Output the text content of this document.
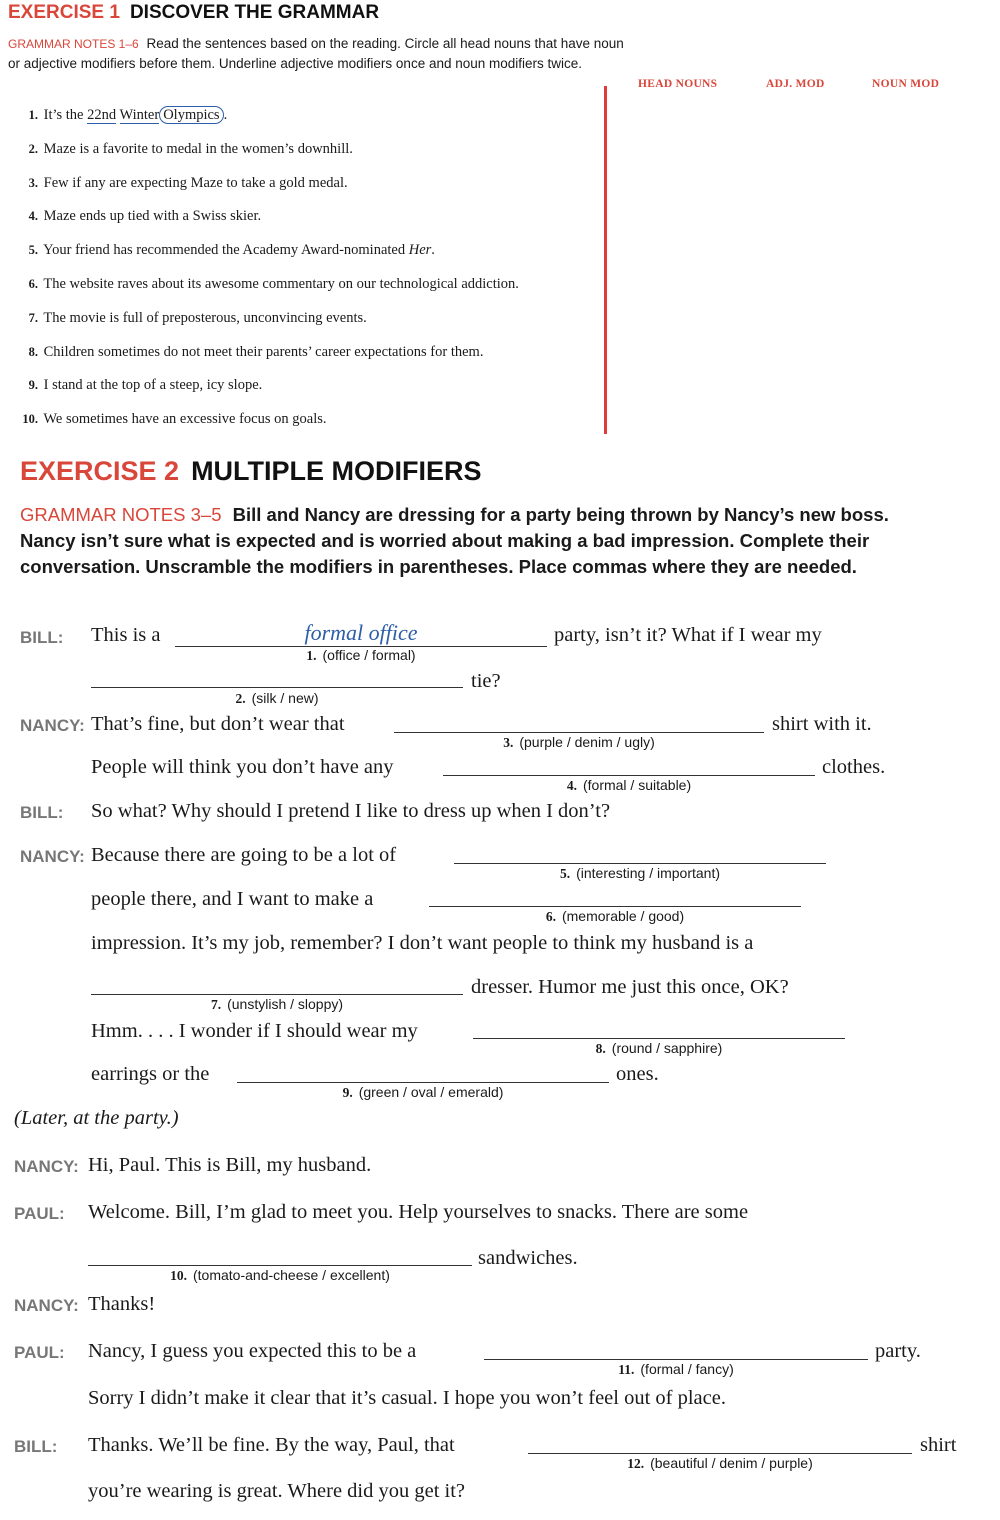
EXERCISE 1 DISCOVER THE GRAMMAR
GRAMMAR NOTES 1–6 Read the sentences based on the reading. Circle all head nouns that have noun or adjective modifiers before them. Underline adjective modifiers once and noun modifiers twice.
HEAD NOUNS	ADJ. MOD	NOUN MOD
1. It’s the 22nd Winter Olympics .
2. Maze is a favorite to medal in the women’s downhill.
3. Few if any are expecting Maze to take a gold medal.
4. Maze ends up tied with a Swiss skier.
5. Your friend has recommended the Academy Award-nominated Her.
6. The website raves about its awesome commentary on our technological addiction.
7. The movie is full of preposterous, unconvincing events.
8. Children sometimes do not meet their parents’ career expectations for them.
9. I stand at the top of a steep, icy slope.
10. We sometimes have an excessive focus on goals.
EXERCISE 2 MULTIPLE MODIFIERS
GRAMMAR NOTES 3–5 Bill and Nancy are dressing for a party being thrown by Nancy’s new boss. Nancy isn’t sure what is expected and is worried about making a bad impression. Complete their conversation. Unscramble the modifiers in parentheses. Place commas where they are needed.
BILL: This is a	formal office
1. (office / formal)
party, isn’t it? What if I wear my
2. (silk / new)
tie?
NANCY: That’s fine, but don’t wear that
3. (purple / denim / ugly)
shirt with it.
People will think you don’t have any
4. (formal / suitable)
clothes.
BILL: So what? Why should I pretend I like to dress up when I don’t?
NANCY: Because there are going to be a lot of
5. (interesting / important)
people there, and I want to make a
6. (memorable / good)
impression. It’s my job, remember? I don’t want people to think my husband is a
7. (unstylish / sloppy)
dresser. Humor me just this once, OK?
Hmm. . . . I wonder if I should wear my
8. (round / sapphire)
earrings or the
9. (green / oval / emerald)
ones.
(Later, at the party.)
NANCY: Hi, Paul. This is Bill, my husband.
PAUL: Welcome. Bill, I’m glad to meet you. Help yourselves to snacks. There are some
10. (tomato-and-cheese / excellent)
sandwiches.
NANCY: Thanks!
PAUL: Nancy, I guess you expected this to be a
11. (formal / fancy)
party.
Sorry I didn’t make it clear that it’s casual. I hope you won’t feel out of place.
BILL: Thanks. We’ll be fine. By the way, Paul, that
12. (beautiful / denim / purple)
shirt
you’re wearing is great. Where did you get it?
